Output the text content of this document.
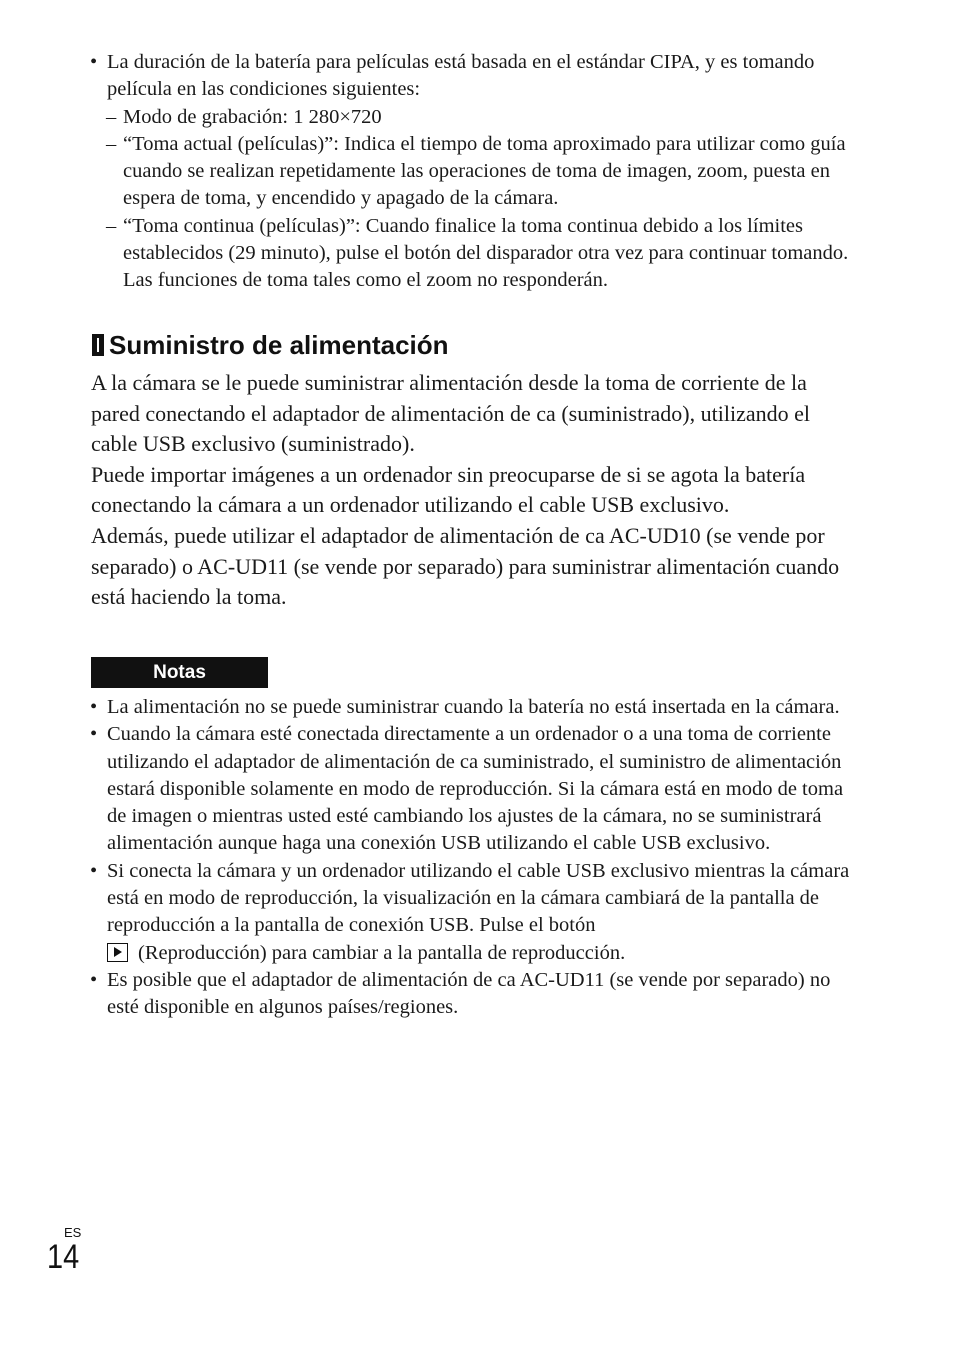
• La duración de la batería para películas está basada en el estándar CIPA, y es tomando película en las condiciones siguientes:
– Modo de grabación: 1 280×720
– “Toma actual (películas)”: Indica el tiempo de toma aproximado para utilizar como guía cuando se realizan repetidamente las operaciones de toma de imagen, zoom, puesta en espera de toma, y encendido y apagado de la cámara.
– “Toma continua (películas)”: Cuando finalice la toma continua debido a los límites establecidos (29 minuto), pulse el botón del disparador otra vez para continuar tomando. Las funciones de toma tales como el zoom no responderán.
Suministro de alimentación

A la cámara se le puede suministrar alimentación desde la toma de corriente de la pared conectando el adaptador de alimentación de ca (suministrado), utilizando el cable USB exclusivo (suministrado).

Puede importar imágenes a un ordenador sin preocuparse de si se agota la batería conectando la cámara a un ordenador utilizando el cable USB exclusivo.

Además, puede utilizar el adaptador de alimentación de ca AC-UD10 (se vende por separado) o AC-UD11 (se vende por separado) para suministrar alimentación cuando está haciendo la toma.

Notas
• La alimentación no se puede suministrar cuando la batería no está insertada en la cámara.
• Cuando la cámara esté conectada directamente a un ordenador o a una toma de corriente utilizando el adaptador de alimentación de ca suministrado, el suministro de alimentación estará disponible solamente en modo de reproducción. Si la cámara está en modo de toma de imagen o mientras usted esté cambiando los ajustes de la cámara, no se suministrará alimentación aunque haga una conexión USB utilizando el cable USB exclusivo.
• Si conecta la cámara y un ordenador utilizando el cable USB exclusivo mientras la cámara está en modo de reproducción, la visualización en la cámara cambiará de la pantalla de reproducción a la pantalla de conexión USB. Pulse el botón
(Reproducción) para cambiar a la pantalla de reproducción.
• Es posible que el adaptador de alimentación de ca AC-UD11 (se vende por separado) no esté disponible en algunos países/regiones.
ES
14
